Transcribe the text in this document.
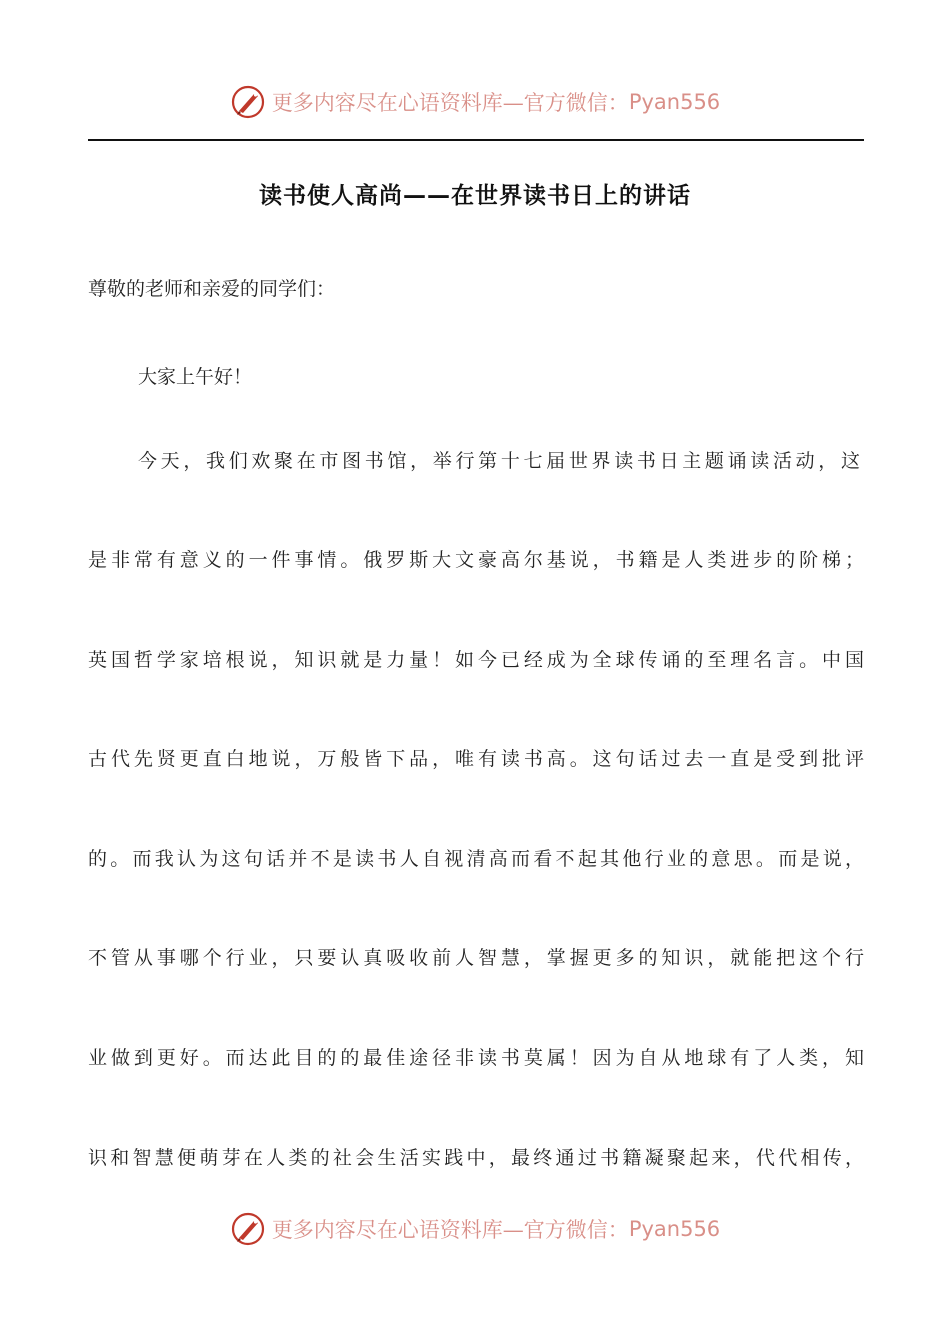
更多内容尽在心语资料库—官方微信： Pyan556
读书使人高尚——在世界读书日上的讲话
尊敬的老师和亲爱的同学们：
大家上午好！
今天，我们欢聚在市图书馆，举行第十七届世界读书日主题诵读活动，这
是非常有意义的一件事情。俄罗斯大文豪高尔基说，书籍是人类进步的阶梯；
英国哲学家培根说，知识就是力量！如今已经成为全球传诵的至理名言。中国
古代先贤更直白地说，万般皆下品，唯有读书高。这句话过去一直是受到批评
的。而我认为这句话并不是读书人自视清高而看不起其他行业的意思。而是说，
不管从事哪个行业，只要认真吸收前人智慧，掌握更多的知识，就能把这个行
业做到更好。而达此目的的最佳途径非读书莫属！因为自从地球有了人类，知
识和智慧便萌芽在人类的社会生活实践中，最终通过书籍凝聚起来，代代相传，
更多内容尽在心语资料库—官方微信： Pyan556
